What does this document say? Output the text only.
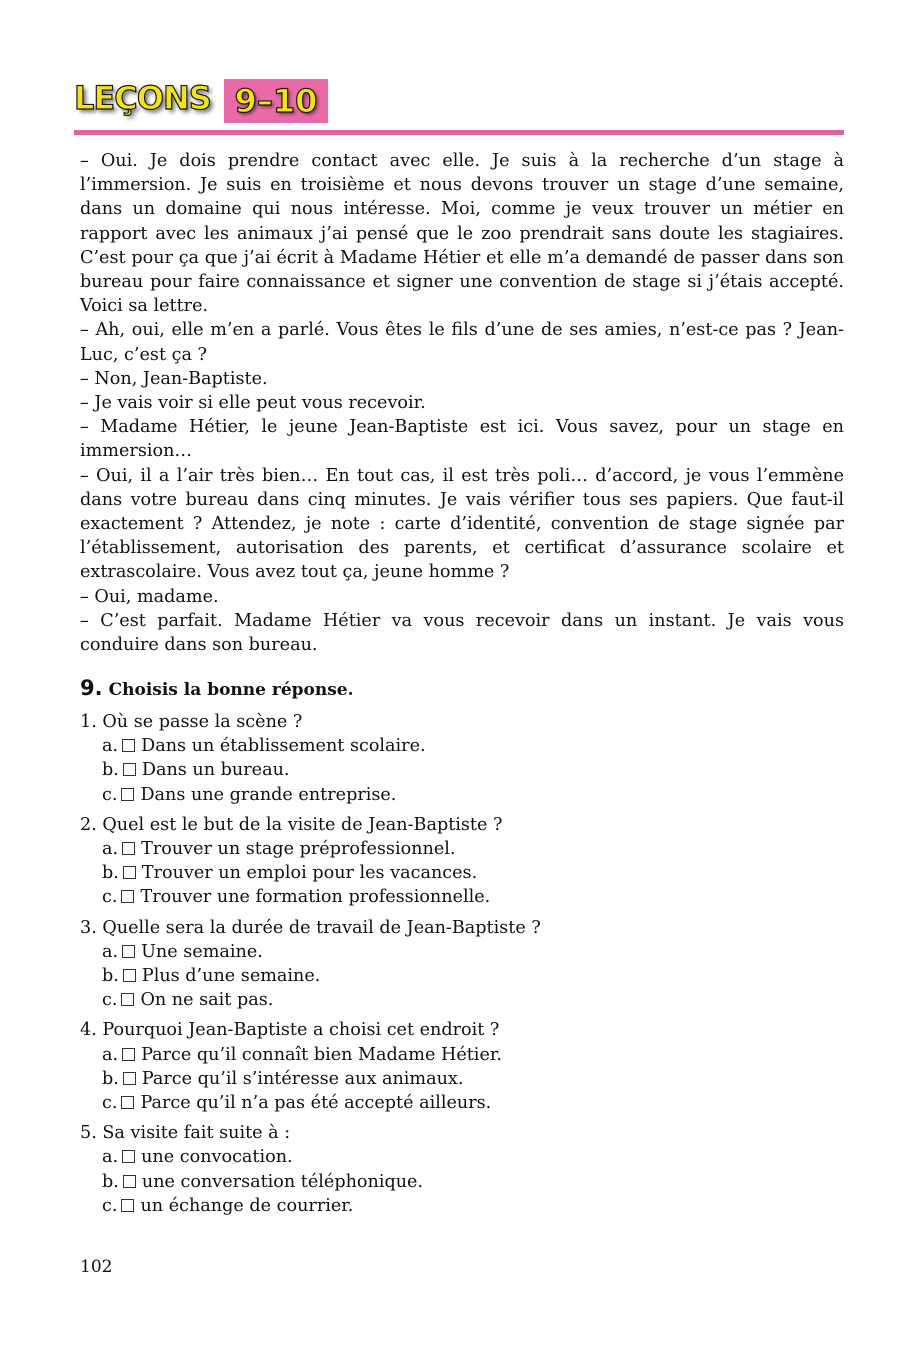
LEÇONS 9–10

– Oui. Je dois prendre contact avec elle. Je suis à la recherche d’un stage à l’immersion. Je suis en troisième et nous devons trouver un stage d’une semaine, dans un domaine qui nous intéresse. Moi, comme je veux trouver un métier en rapport avec les animaux j’ai pensé que le zoo prendrait sans doute les stagiaires. C’est pour ça que j’ai écrit à Madame Hétier et elle m’a demandé de passer dans son bureau pour faire connaissance et signer une convention de stage si j’étais accepté. Voici sa lettre.

– Ah, oui, elle m’en a parlé. Vous êtes le fils d’une de ses amies, n’est-ce pas ? Jean-Luc, c’est ça ?

– Non, Jean-Baptiste.

– Je vais voir si elle peut vous recevoir.

– Madame Hétier, le jeune Jean-Baptiste est ici. Vous savez, pour un stage en immersion…

– Oui, il a l’air très bien… En tout cas, il est très poli… d’accord, je vous l’emmène dans votre bureau dans cinq minutes. Je vais vérifier tous ses papiers. Que faut-il exactement ? Attendez, je note : carte d’identité, convention de stage signée par l’établissement, autorisation des parents, et certificat d’assurance scolaire et extrascolaire. Vous avez tout ça, jeune homme ?

– Oui, madame.

– C’est parfait. Madame Hétier va vous recevoir dans un instant. Je vais vous conduire dans son bureau.

9. Choisis la bonne réponse.
1. Où se passe la scène ?
a. Dans un établissement scolaire.
b. Dans un bureau.
c. Dans une grande entreprise.
2. Quel est le but de la visite de Jean-Baptiste ?
a. Trouver un stage préprofessionnel.
b. Trouver un emploi pour les vacances.
c. Trouver une formation professionnelle.
3. Quelle sera la durée de travail de Jean-Baptiste ?
a. Une semaine.
b. Plus d’une semaine.
c. On ne sait pas.
4. Pourquoi Jean-Baptiste a choisi cet endroit ?
a. Parce qu’il connaît bien Madame Hétier.
b. Parce qu’il s’intéresse aux animaux.
c. Parce qu’il n’a pas été accepté ailleurs.
5. Sa visite fait suite à :
a. une convocation.
b. une conversation téléphonique.
c. un échange de courrier.
102
